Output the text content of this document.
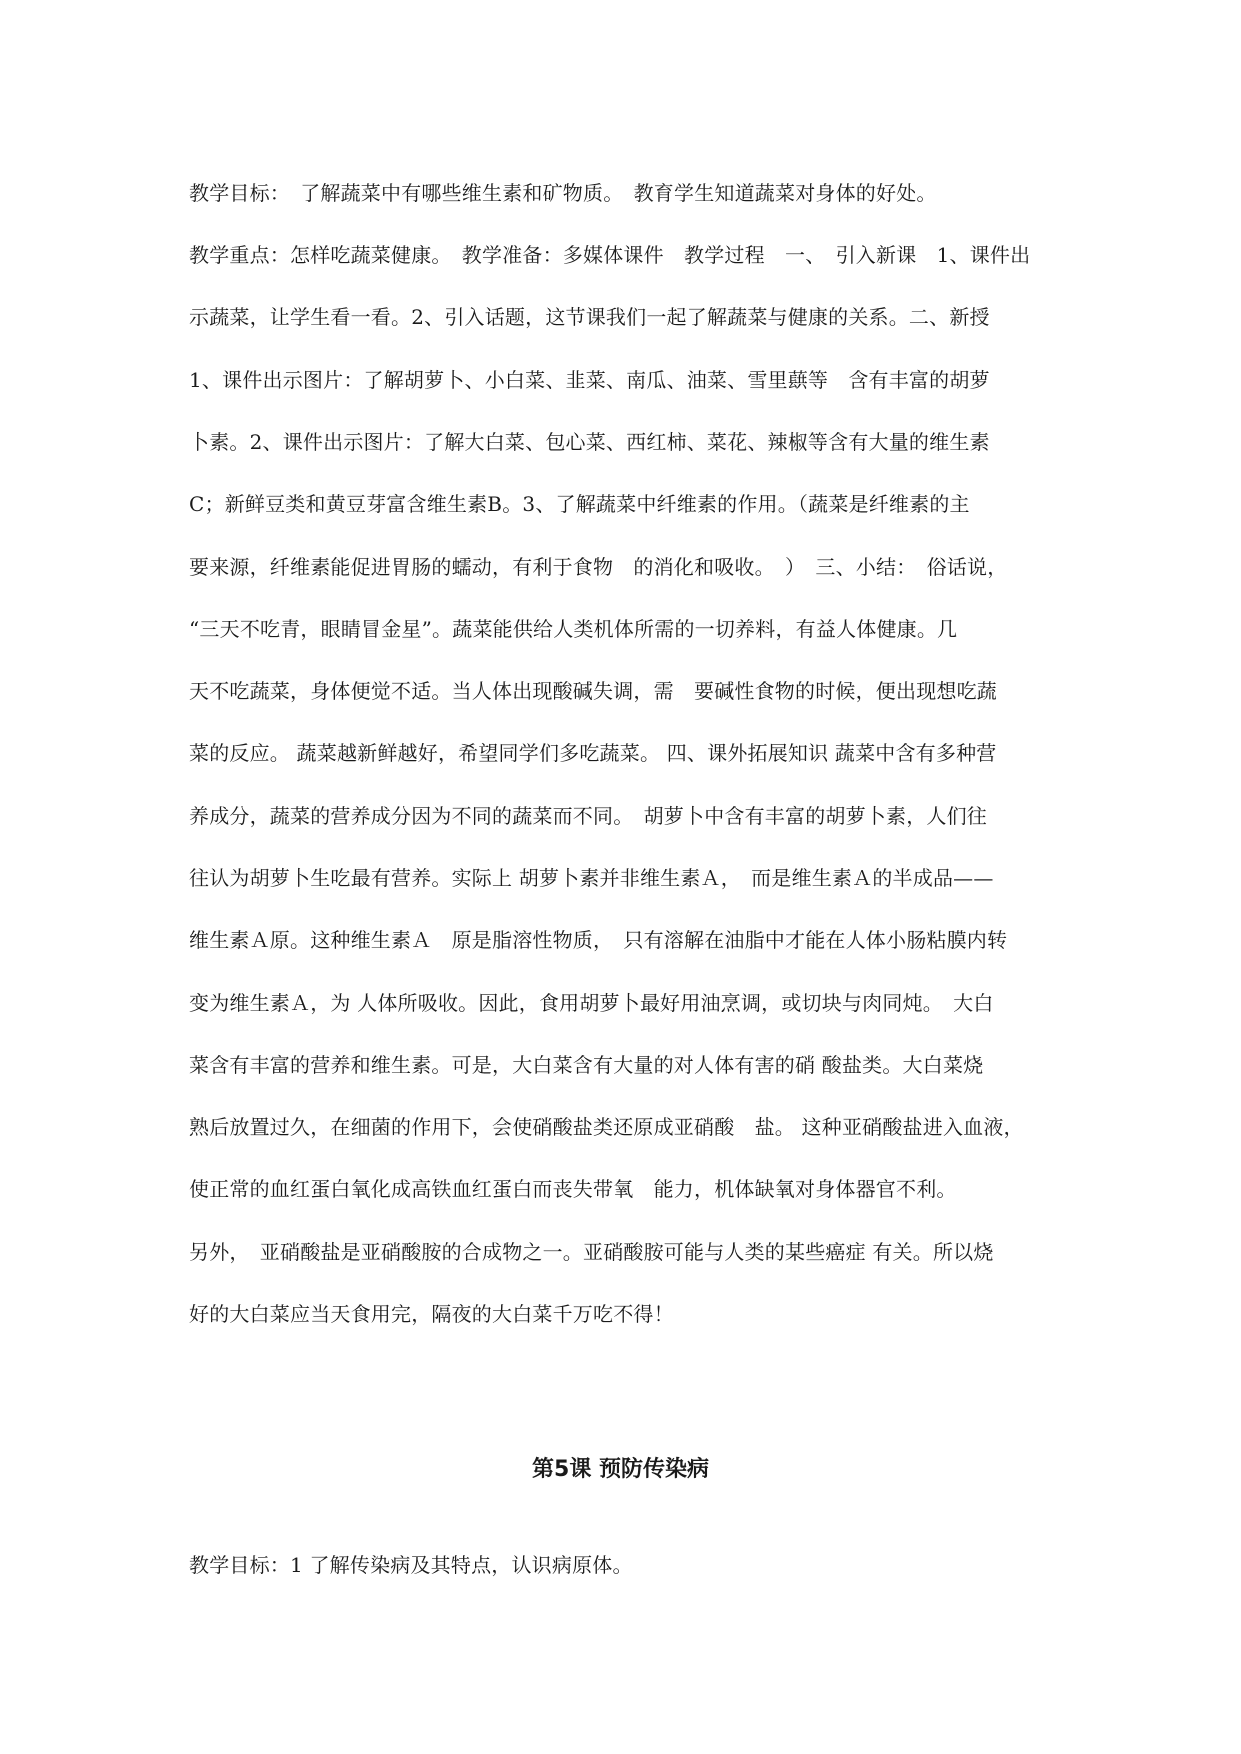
教学目标：　了解蔬菜中有哪些维生素和矿物质。　教育学生知道蔬菜对身体的好处。
教学重点：怎样吃蔬菜健康。　教学准备：多媒体课件　教学过程　一、　引入新课　1、课件出
示蔬菜，让学生看一看。2、引入话题，这节课我们一起了解蔬菜与健康的关系。二、新授
1、课件出示图片：了解胡萝卜、小白菜、韭菜、南瓜、油菜、雪里蕻等　含有丰富的胡萝
卜素。2、课件出示图片：了解大白菜、包心菜、西红柿、菜花、辣椒等含有大量的维生素
C；新鲜豆类和黄豆芽富含维生素B。3、了解蔬菜中纤维素的作用。（蔬菜是纤维素的主
要来源，纤维素能促进胃肠的蠕动，有利于食物　的消化和吸收。　）　三、小结：　俗话说，
“三天不吃青，眼睛冒金星”。蔬菜能供给人类机体所需的一切养料，有益人体健康。几
天不吃蔬菜，身体便觉不适。当人体出现酸碱失调，需　要碱性食物的时候，便出现想吃蔬
菜的反应。 蔬菜越新鲜越好，希望同学们多吃蔬菜。 四、课外拓展知识 蔬菜中含有多种营
养成分，蔬菜的营养成分因为不同的蔬菜而不同。　胡萝卜中含有丰富的胡萝卜素，人们往
往认为胡萝卜生吃最有营养。实际上 胡萝卜素并非维生素Ａ，　而是维生素Ａ的半成品——
维生素Ａ原。这种维生素Ａ　原是脂溶性物质，　只有溶解在油脂中才能在人体小肠粘膜内转
变为维生素Ａ，为 人体所吸收。因此，食用胡萝卜最好用油烹调，或切块与肉同炖。　大白
菜含有丰富的营养和维生素。可是，大白菜含有大量的对人体有害的硝 酸盐类。大白菜烧
熟后放置过久，在细菌的作用下，会使硝酸盐类还原成亚硝酸　盐。 这种亚硝酸盐进入血液，
使正常的血红蛋白氧化成高铁血红蛋白而丧失带氧　能力，机体缺氧对身体器官不利。
另外，　亚硝酸盐是亚硝酸胺的合成物之一。亚硝酸胺可能与人类的某些癌症 有关。所以烧
好的大白菜应当天食用完，隔夜的大白菜千万吃不得！
第5课 预防传染病
教学目标：1 了解传染病及其特点，认识病原体。
